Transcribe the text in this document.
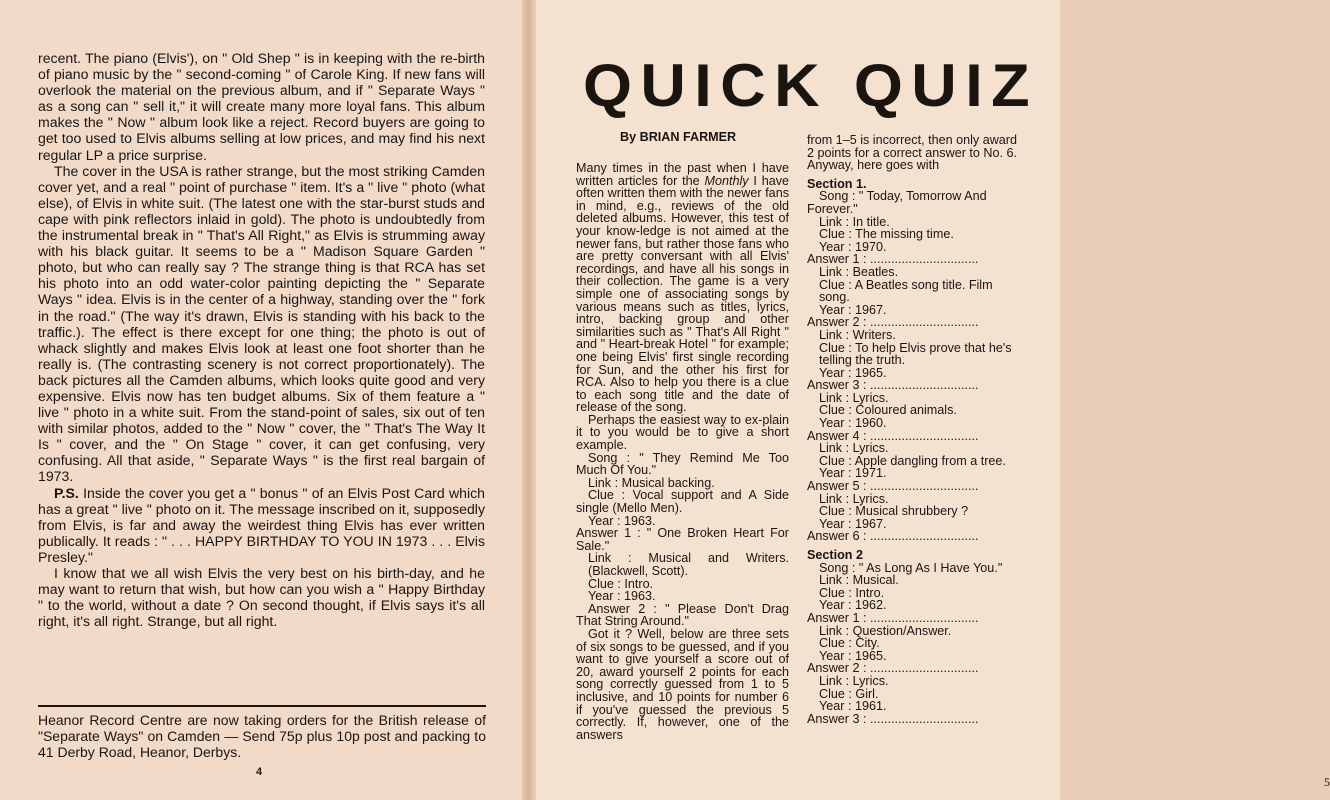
recent. The piano (Elvis'), on " Old Shep " is in keeping with the re-birth of piano music by the " second-coming " of Carole King. If new fans will overlook the material on the previous album, and if " Separate Ways " as a song can " sell it," it will create many more loyal fans. This album makes the " Now " album look like a reject. Record buyers are going to get too used to Elvis albums selling at low prices, and may find his next regular LP a price surprise.

The cover in the USA is rather strange, but the most striking Camden cover yet, and a real " point of purchase " item. It's a " live " photo (what else), of Elvis in white suit. (The latest one with the star-burst studs and cape with pink reflectors inlaid in gold). The photo is undoubtedly from the instrumental break in " That's All Right," as Elvis is strumming away with his black guitar. It seems to be a " Madison Square Garden " photo, but who can really say ? The strange thing is that RCA has set his photo into an odd water-color painting depicting the " Separate Ways " idea. Elvis is in the center of a highway, standing over the " fork in the road." (The way it's drawn, Elvis is standing with his back to the traffic.). The effect is there except for one thing; the photo is out of whack slightly and makes Elvis look at least one foot shorter than he really is. (The contrasting scenery is not correct proportionately). The back pictures all the Camden albums, which looks quite good and very expensive. Elvis now has ten budget albums. Six of them feature a " live " photo in a white suit. From the stand-point of sales, six out of ten with similar photos, added to the " Now " cover, the " That's The Way It Is " cover, and the " On Stage " cover, it can get confusing, very confusing. All that aside, " Separate Ways " is the first real bargain of 1973.

P.S. Inside the cover you get a " bonus " of an Elvis Post Card which has a great " live " photo on it. The message inscribed on it, supposedly from Elvis, is far and away the weirdest thing Elvis has ever written publically. It reads : " . . . HAPPY BIRTHDAY TO YOU IN 1973 . . . Elvis Presley."

I know that we all wish Elvis the very best on his birth-day, and he may want to return that wish, but how can you wish a " Happy Birthday " to the world, without a date ? On second thought, if Elvis says it's all right, it's all right. Strange, but all right.

Heanor Record Centre are now taking orders for the British release of "Separate Ways" on Camden — Send 75p plus 10p post and packing to 41 Derby Road, Heanor, Derbys.
4
QUICK QUIZ
By BRIAN FARMER

Many times in the past when I have written articles for the Monthly I have often written them with the newer fans in mind, e.g., reviews of the old deleted albums. However, this test of your know-ledge is not aimed at the newer fans, but rather those fans who are pretty conversant with all Elvis' recordings, and have all his songs in their collection. The game is a very simple one of associating songs by various means such as titles, lyrics, intro, backing group and other similarities such as " That's All Right " and " Heart-break Hotel " for example; one being Elvis' first single recording for Sun, and the other his first for RCA. Also to help you there is a clue to each song title and the date of release of the song.

Perhaps the easiest way to ex-plain it to you would be to give a short example.

Song : " They Remind Me Too Much Of You."

Link : Musical backing.

Clue : Vocal support and A Side single (Mello Men).

Year : 1963.

Answer 1 : " One Broken Heart For Sale."

Link : Musical and Writers. (Blackwell, Scott).

Clue : Intro.

Year : 1963.

Answer 2 : " Please Don't Drag That String Around."

Got it ? Well, below are three sets of six songs to be guessed, and if you want to give yourself a score out of 20, award yourself 2 points for each song correctly guessed from 1 to 5 inclusive, and 10 points for number 6 if you've guessed the previous 5 correctly. If, however, one of the answers

from 1–5 is incorrect, then only award 2 points for a correct answer to No. 6. Anyway, here goes with

Section 1.

Song : " Today, Tomorrow And Forever."

Link : In title.

Clue : The missing time.

Year : 1970.

Answer 1 : ...............................

Link : Beatles.

Clue : A Beatles song title. Film song.

Year : 1967.

Answer 2 : ...............................

Link : Writers.

Clue : To help Elvis prove that he's telling the truth.

Year : 1965.

Answer 3 : ...............................

Link : Lyrics.

Clue : Coloured animals.

Year : 1960.

Answer 4 : ...............................

Link : Lyrics.

Clue : Apple dangling from a tree.

Year : 1971.

Answer 5 : ...............................

Link : Lyrics.

Clue : Musical shrubbery ?

Year : 1967.

Answer 6 : ...............................

Section 2

Song : " As Long As I Have You."

Link : Musical.

Clue : Intro.

Year : 1962.

Answer 1 : ...............................

Link : Question/Answer.

Clue : City.

Year : 1965.

Answer 2 : ...............................

Link : Lyrics.

Clue : Girl.

Year : 1961.

Answer 3 : ...............................

5
